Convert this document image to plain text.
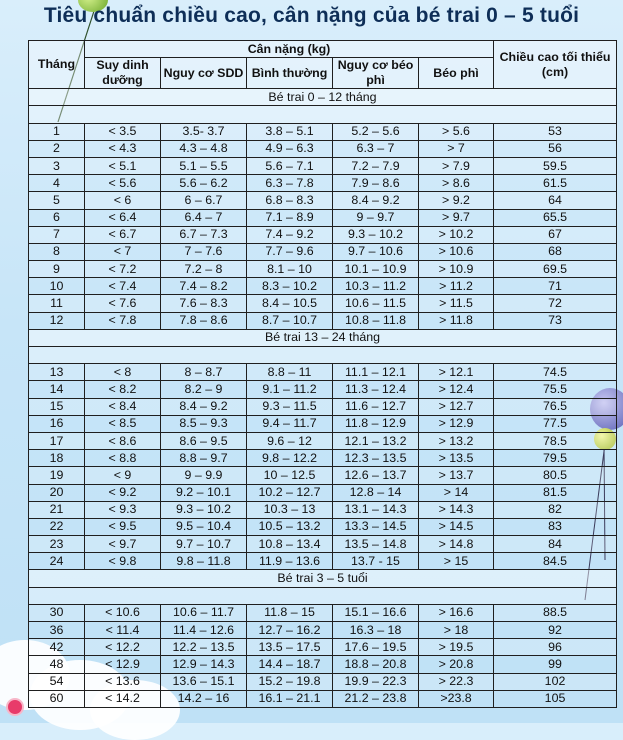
Tiêu chuẩn chiều cao, cân nặng của bé trai 0 – 5 tuổi
Tháng	Cân nặng (kg)					Chiều cao tối thiểu (cm)
	Suy dinh dưỡng	Nguy cơ SDD	Bình thường	Nguy cơ béo phì	Béo phì	
Bé trai 0 – 12 tháng						

1	< 3.5	3.5- 3.7	3.8 – 5.1	5.2 – 5.6	> 5.6	53
2	< 4.3	4.3 – 4.8	4.9 – 6.3	6.3 – 7	> 7	56
3	< 5.1	5.1 – 5.5	5.6 – 7.1	7.2 – 7.9	> 7.9	59.5
4	< 5.6	5.6 – 6.2	6.3 – 7.8	7.9 – 8.6	> 8.6	61.5
5	< 6	6 – 6.7	6.8 – 8.3	8.4 – 9.2	> 9.2	64
6	< 6.4	6.4 – 7	7.1 – 8.9	9 – 9.7	> 9.7	65.5
7	< 6.7	6.7 – 7.3	7.4 – 9.2	9.3 – 10.2	> 10.2	67
8	< 7	7 – 7.6	7.7 – 9.6	9.7 – 10.6	> 10.6	68
9	< 7.2	7.2 – 8	8.1 – 10	10.1 – 10.9	> 10.9	69.5
10	< 7.4	7.4 – 8.2	8.3 – 10.2	10.3 – 11.2	> 11.2	71
11	< 7.6	7.6 – 8.3	8.4 – 10.5	10.6 – 11.5	> 11.5	72
12	< 7.8	7.8 – 8.6	8.7 – 10.7	10.8 – 11.8	> 11.8	73
Bé trai 13 – 24 tháng						

13	< 8	8 – 8.7	8.8 – 11	11.1 – 12.1	> 12.1	74.5
14	< 8.2	8.2 – 9	9.1 – 11.2	11.3 – 12.4	> 12.4	75.5
15	< 8.4	8.4 – 9.2	9.3 – 11.5	11.6 – 12.7	> 12.7	76.5
16	< 8.5	8.5 – 9.3	9.4 – 11.7	11.8 – 12.9	> 12.9	77.5
17	< 8.6	8.6 – 9.5	9.6 – 12	12.1 – 13.2	> 13.2	78.5
18	< 8.8	8.8 – 9.7	9.8 – 12.2	12.3 – 13.5	> 13.5	79.5
19	< 9	9 – 9.9	10 – 12.5	12.6 – 13.7	> 13.7	80.5
20	< 9.2	9.2 – 10.1	10.2 – 12.7	12.8 – 14	> 14	81.5
21	< 9.3	9.3 – 10.2	10.3 – 13	13.1 – 14.3	> 14.3	82
22	< 9.5	9.5 – 10.4	10.5 – 13.2	13.3 – 14.5	> 14.5	83
23	< 9.7	9.7 – 10.7	10.8 – 13.4	13.5 – 14.8	> 14.8	84
24	< 9.8	9.8 – 11.8	11.9 – 13.6	13.7 - 15	> 15	84.5
Bé trai 3 – 5 tuổi						

30	< 10.6	10.6 – 11.7	11.8 – 15	15.1 – 16.6	> 16.6	88.5
36	< 11.4	11.4 – 12.6	12.7 – 16.2	16.3 – 18	> 18	92
42	< 12.2	12.2 – 13.5	13.5 – 17.5	17.6 – 19.5	> 19.5	96
48	< 12.9	12.9 – 14.3	14.4 – 18.7	18.8 – 20.8	> 20.8	99
54	< 13.6	13.6 – 15.1	15.2 – 19.8	19.9 – 22.3	> 22.3	102
60	< 14.2	14.2 – 16	16.1 – 21.1	21.2 – 23.8	>23.8	105
